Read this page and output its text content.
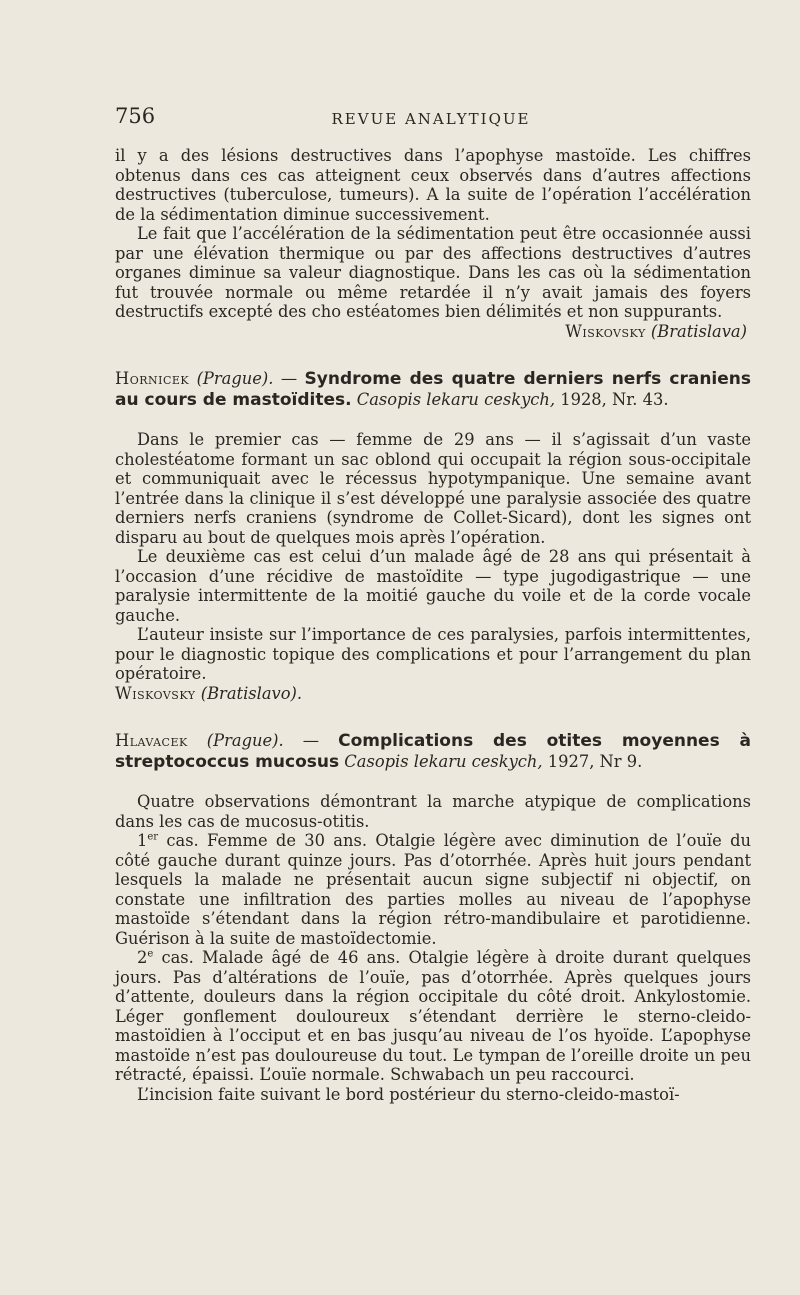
756	REVUE ANALYTIQUE

il y a des lésions destructives dans l’apophyse mastoïde. Les chiffres obtenus dans ces cas atteignent ceux observés dans d’autres affections destructives (tuberculose, tumeurs). A la suite de l’opération l’accélération de la sédimentation diminue successivement.

Le fait que l’accélération de la sédimentation peut être occasionnée aussi par une élévation thermique ou par des affections destructives d’autres organes diminue sa valeur diagnostique. Dans les cas où la sédimentation fut trouvée normale ou même retardée il n’y avait jamais des foyers destructifs excepté des cho estéatomes bien délimités et non suppurants.

Wiskovsky (Bratislava)

Hornicek (Prague). — Syndrome des quatre derniers nerfs craniens au cours de mastoïdites. Casopis lekaru ceskych, 1928, Nr. 43.

Dans le premier cas — femme de 29 ans — il s’agissait d’un vaste cholestéatome formant un sac oblond qui occupait la région sous-occipitale et communiquait avec le récessus hypotympanique. Une semaine avant l’entrée dans la clinique il s’est développé une paralysie associée des quatre derniers nerfs craniens (syndrome de Collet-Sicard), dont les signes ont disparu au bout de quelques mois après l’opération.

Le deuxième cas est celui d’un malade âgé de 28 ans qui présentait à l’occasion d’une récidive de mastoïdite — type jugodigastrique — une paralysie intermittente de la moitié gauche du voile et de la corde vocale gauche.

L’auteur insiste sur l’importance de ces paralysies, parfois intermittentes, pour le diagnostic topique des complications et pour l’arrangement du plan opératoire.

Wiskovsky (Bratislavo).

Hlavacek (Prague). — Complications des otites moyennes à streptococcus mucosus Casopis lekaru ceskych, 1927, Nr 9.

Quatre observations démontrant la marche atypique de complications dans les cas de mucosus-otitis.

1er cas. Femme de 30 ans. Otalgie légère avec diminution de l’ouïe du côté gauche durant quinze jours. Pas d’otorrhée. Après huit jours pendant lesquels la malade ne présentait aucun signe subjectif ni objectif, on constate une infiltration des parties molles au niveau de l’apophyse mastoïde s’étendant dans la région rétro-mandibulaire et parotidienne. Guérison à la suite de mastoïdectomie.

2e cas. Malade âgé de 46 ans. Otalgie légère à droite durant quelques jours. Pas d’altérations de l’ouïe, pas d’otorrhée. Après quelques jours d’attente, douleurs dans la région occipitale du côté droit. Ankylostomie. Léger gonflement douloureux s’étendant derrière le sterno-cleido-mastoïdien à l’occiput et en bas jusqu’au niveau de l’os hyoïde. L’apophyse mastoïde n’est pas douloureuse du tout. Le tympan de l’oreille droite un peu rétracté, épaissi. L’ouïe normale. Schwabach un peu raccourci.

L’incision faite suivant le bord postérieur du sterno-cleido-mastoï-
